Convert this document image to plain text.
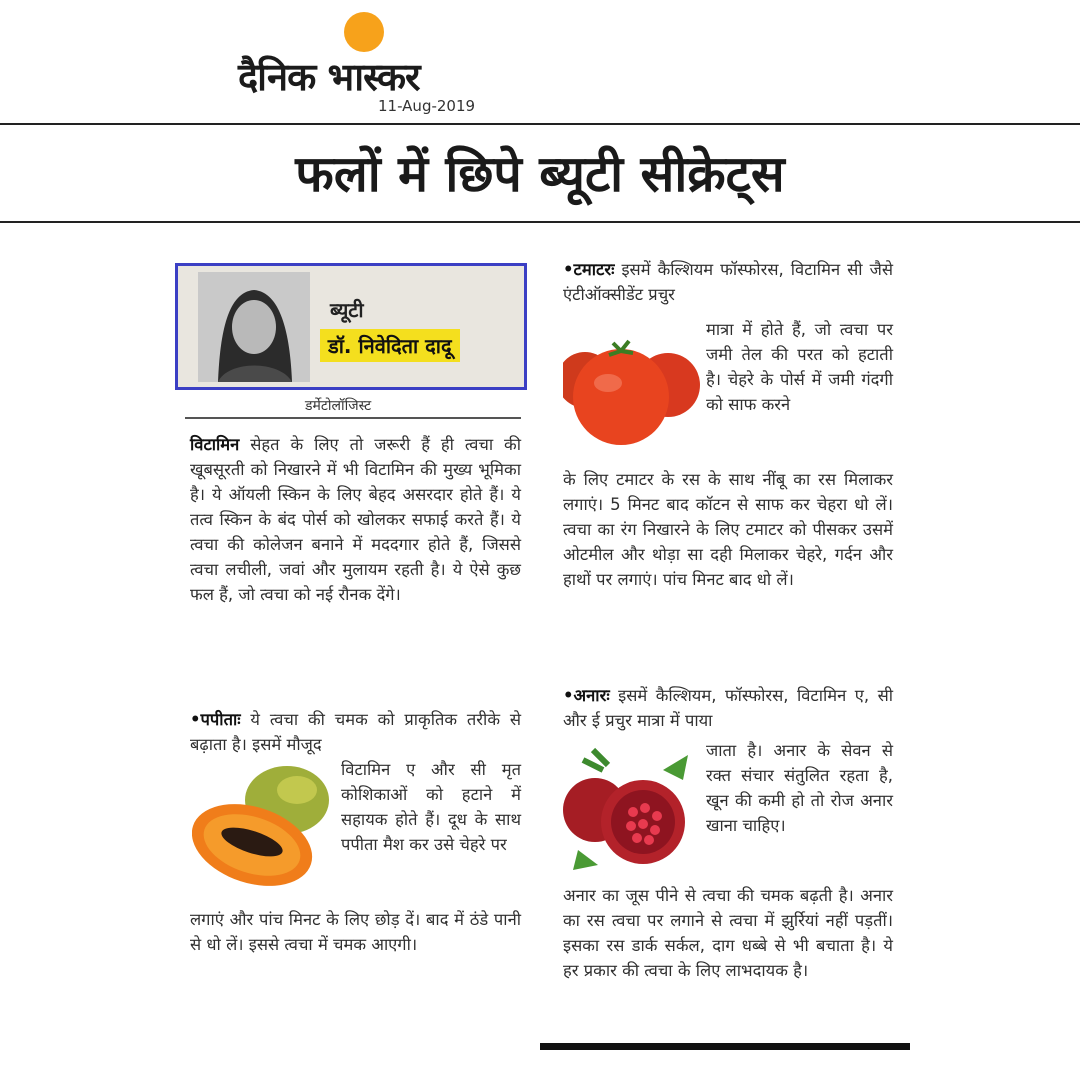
दैनिक भास्कर
11-Aug-2019
फलों में छिपे ब्यूटी सीक्रेट्स
ब्यूटी
डॉ. निवेदिता दादू
डर्मेटोलॉजिस्ट
विटामिन सेहत के लिए तो जरूरी हैं ही त्वचा की खूबसूरती को निखारने में भी विटामिन की मुख्य भूमिका है। ये ऑयली स्किन के लिए बेहद असरदार होते हैं। ये तत्व स्किन के बंद पोर्स को खोलकर सफाई करते हैं। ये त्वचा की कोलेजन बनाने में मददगार होते हैं, जिससे त्वचा लचीली, जवां और मुलायम रहती है। ये ऐसे कुछ फल हैं, जो त्वचा को नई रौनक देंगे।
•पपीताः ये त्वचा की चमक को प्राकृतिक तरीके से बढ़ाता है। इसमें मौजूद
विटामिन ए और सी मृत कोशिकाओं को हटाने में सहायक होते हैं। दूध के साथ पपीता मैश कर उसे चेहरे पर
लगाएं और पांच मिनट के लिए छोड़ दें। बाद में ठंडे पानी से धो लें। इससे त्वचा में चमक आएगी।
•टमाटरः इसमें कैल्शियम फॉस्फोरस, विटामिन सी जैसे एंटीऑक्सीडेंट प्रचुर
मात्रा में होते हैं, जो त्वचा पर जमी तेल की परत को हटाती है। चेहरे के पोर्स में जमी गंदगी को साफ करने
के लिए टमाटर के रस के साथ नींबू का रस मिलाकर लगाएं। 5 मिनट बाद कॉटन से साफ कर चेहरा धो लें। त्वचा का रंग निखारने के लिए टमाटर को पीसकर उसमें ओटमील और थोड़ा सा दही मिलाकर चेहरे, गर्दन और हाथों पर लगाएं। पांच मिनट बाद धो लें।
•अनारः इसमें कैल्शियम, फॉस्फोरस, विटामिन ए, सी और ई प्रचुर मात्रा में पाया
जाता है। अनार के सेवन से रक्त संचार संतुलित रहता है, खून की कमी हो तो रोज अनार खाना चाहिए।
अनार का जूस पीने से त्वचा की चमक बढ़ती है। अनार का रस त्वचा पर लगाने से त्वचा में झुर्रियां नहीं पड़तीं। इसका रस डार्क सर्कल, दाग धब्बे से भी बचाता है। ये हर प्रकार की त्वचा के लिए लाभदायक है।
